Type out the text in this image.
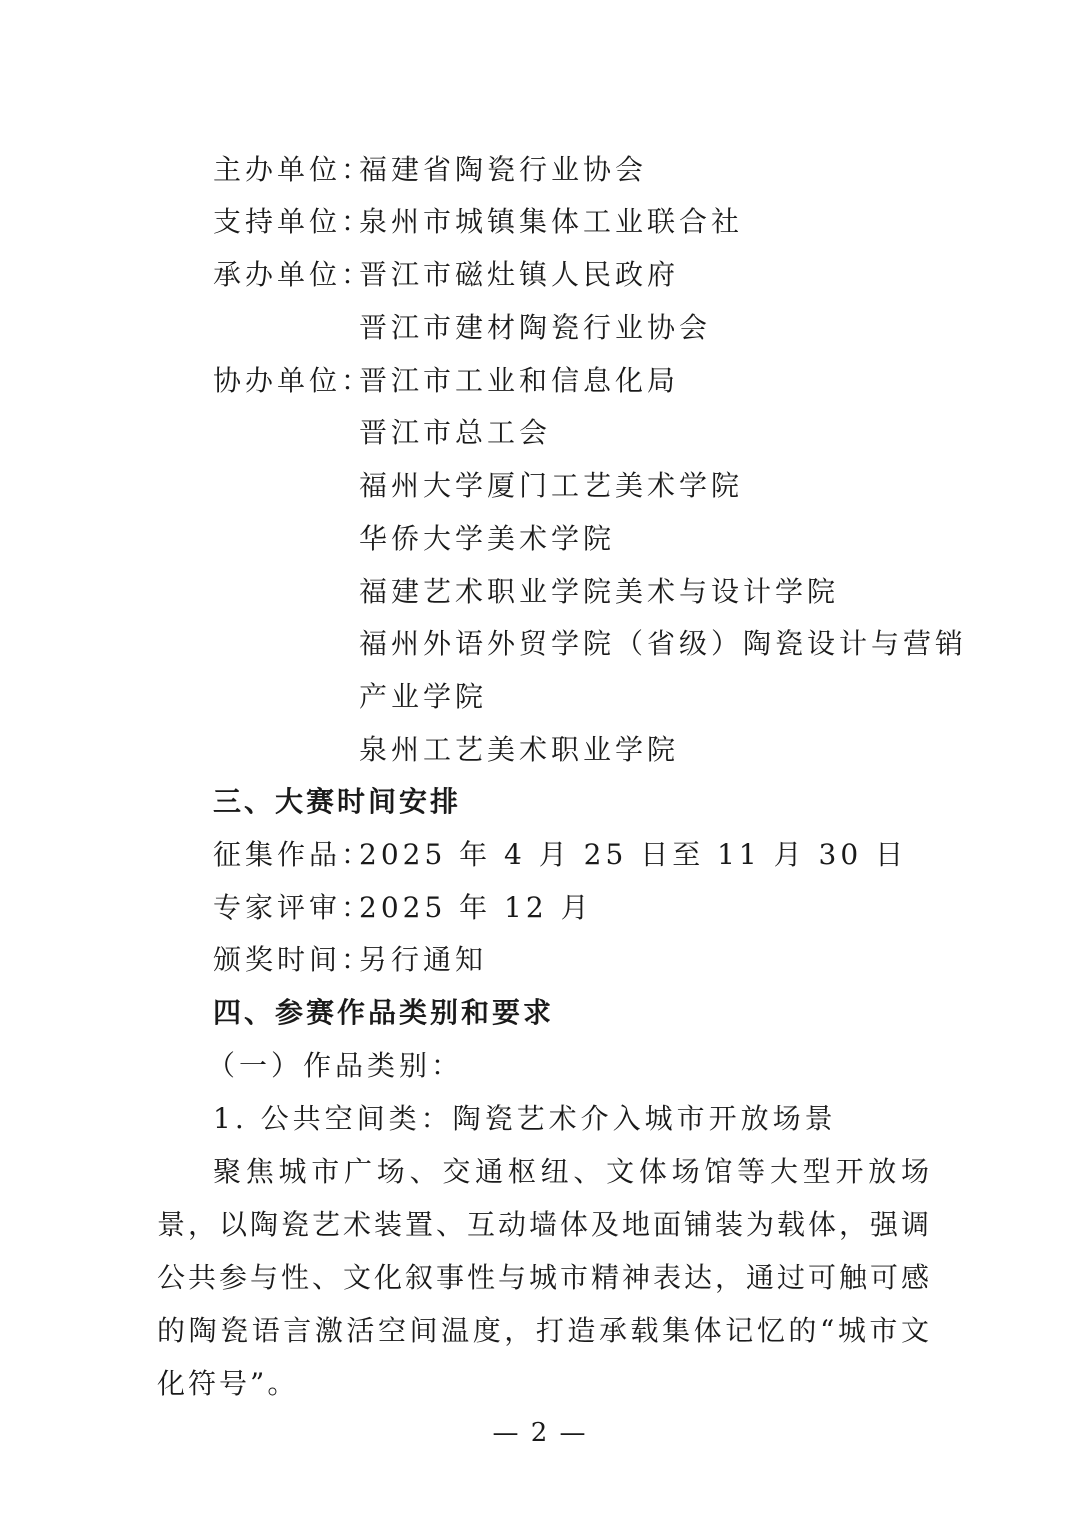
主办单位：
福建省陶瓷行业协会
支持单位：
泉州市城镇集体工业联合社
承办单位：
晋江市磁灶镇人民政府
晋江市建材陶瓷行业协会
协办单位：
晋江市工业和信息化局
晋江市总工会
福州大学厦门工艺美术学院
华侨大学美术学院
福建艺术职业学院美术与设计学院
福州外语外贸学院（省级）陶瓷设计与营销
产业学院
泉州工艺美术职业学院
三、大赛时间安排
征集作品：
2025 年 4 月 25 日至 11 月 30 日
专家评审：
2025 年 12 月
颁奖时间：
另行通知
四、参赛作品类别和要求
（一）作品类别：
1. 公共空间类：陶瓷艺术介入城市开放场景
聚焦城市广场、交通枢纽、文体场馆等大型开放场景，以陶瓷艺术装置、互动墙体及地面铺装为载体，强调公共参与性、文化叙事性与城市精神表达，通过可触可感的陶瓷语言激活空间温度，打造承载集体记忆的“城市文化符号”。
— 2 —
